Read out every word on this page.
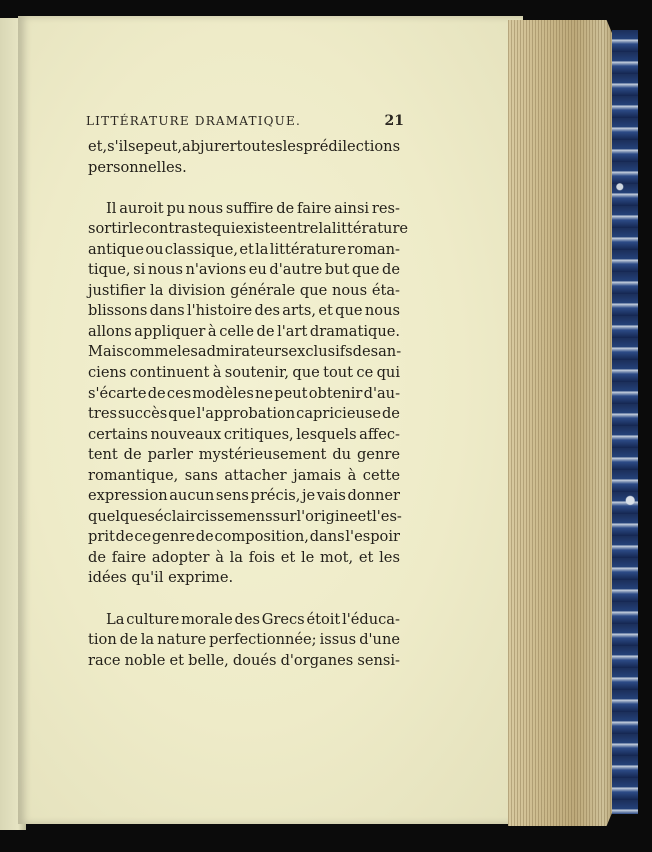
LITTÉRATURE DRAMATIQUE.	21
et, s'il se peut, abjurer toutes les prédilections
personnelles.
Il auroit pu nous suffire de faire ainsi res-
sortir le contraste qui existe entre la littérature
antique ou classique, et la littérature roman-
tique, si nous n'avions eu d'autre but que de
justifier la division générale que nous éta-
blissons dans l'histoire des arts, et que nous
allons appliquer à celle de l'art dramatique.
Mais comme les admirateurs exclusifs des an-
ciens continuent à soutenir, que tout ce qui
s'écarte de ces modèles ne peut obtenir d'au-
tres succès que l'approbation capricieuse de
certains nouveaux critiques, lesquels affec-
tent de parler mystérieusement du genre
romantique, sans attacher jamais à cette
expression aucun sens précis, je vais donner
quelques éclaircissemens sur l'origine et l'es-
prit de ce genre de composition, dans l'espoir
de faire adopter à la fois et le mot, et les
idées qu'il exprime.
La culture morale des Grecs étoit l'éduca-
tion de la nature perfectionnée; issus d'une
race noble et belle, doués d'organes sensi-
